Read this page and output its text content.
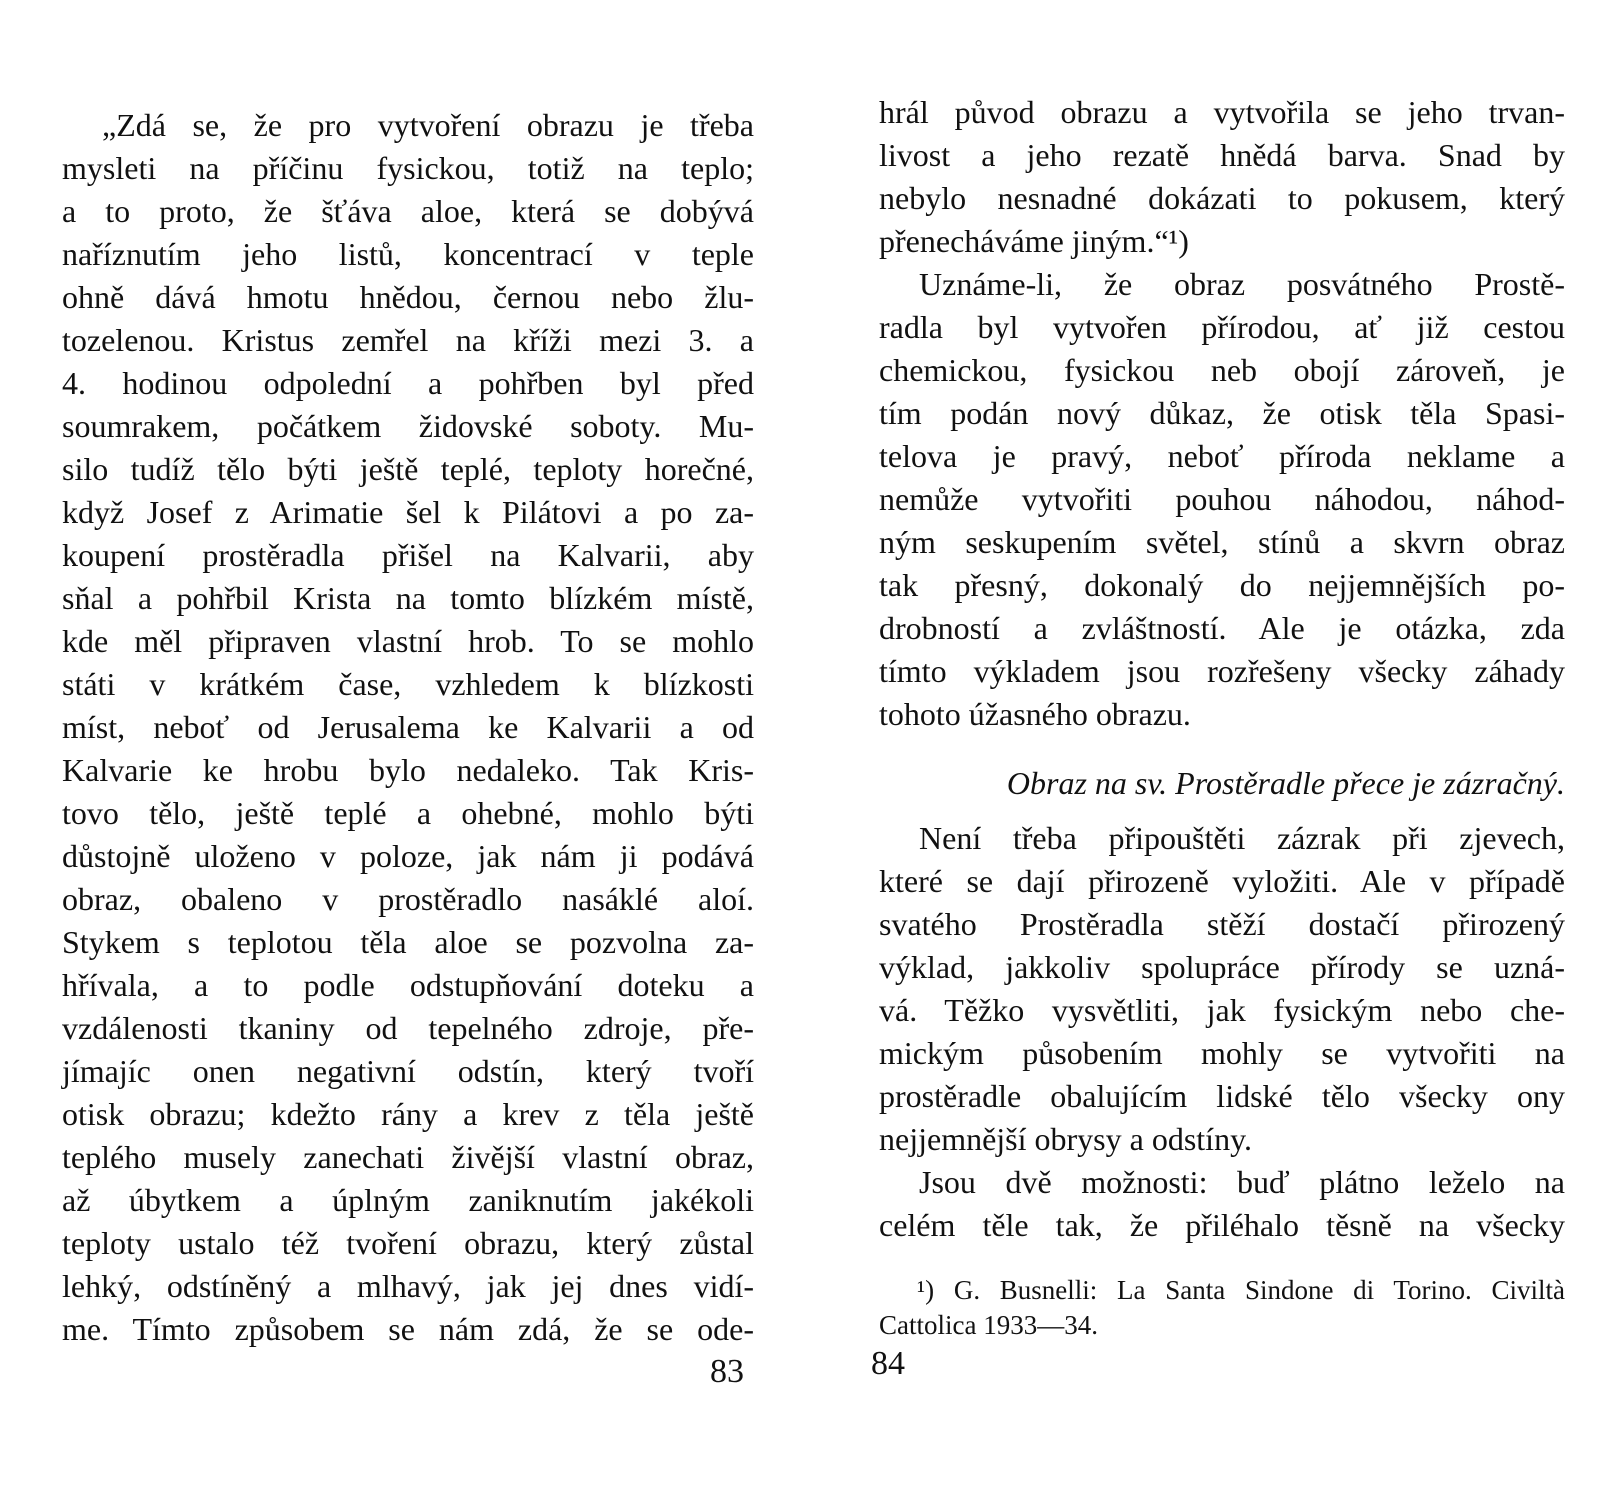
„Zdá se, že pro vytvoření obrazu je třeba
mysleti na příčinu fysickou, totiž na teplo;
a to proto, že šťáva aloe, která se dobývá
naříznutím jeho listů, koncentrací v teple
ohně dává hmotu hnědou, černou nebo žlu-
tozelenou. Kristus zemřel na kříži mezi 3. a
4. hodinou odpolední a pohřben byl před
soumrakem, počátkem židovské soboty. Mu-
silo tudíž tělo býti ještě teplé, teploty horečné,
když Josef z Arimatie šel k Pilátovi a po za-
koupení prostěradla přišel na Kalvarii, aby
sňal a pohřbil Krista na tomto blízkém místě,
kde měl připraven vlastní hrob. To se mohlo
státi v krátkém čase, vzhledem k blízkosti
míst, neboť od Jerusalema ke Kalvarii a od
Kalvarie ke hrobu bylo nedaleko. Tak Kris-
tovo tělo, ještě teplé a ohebné, mohlo býti
důstojně uloženo v poloze, jak nám ji podává
obraz, obaleno v prostěradlo nasáklé aloí.
Stykem s teplotou těla aloe se pozvolna za-
hřívala, a to podle odstupňování doteku a
vzdálenosti tkaniny od tepelného zdroje, pře-
jímajíc onen negativní odstín, který tvoří
otisk obrazu; kdežto rány a krev z těla ještě
teplého musely zanechati živější vlastní obraz,
až úbytkem a úplným zaniknutím jakékoli
teploty ustalo též tvoření obrazu, který zůstal
lehký, odstíněný a mlhavý, jak jej dnes vidí-
me. Tímto způsobem se nám zdá, že se ode-
83
hrál původ obrazu a vytvořila se jeho trvan-
livost a jeho rezatě hnědá barva. Snad by
nebylo nesnadné dokázati to pokusem, který
přenecháváme jiným.“¹)
Uznáme-li, že obraz posvátného Prostě-
radla byl vytvořen přírodou, ať již cestou
chemickou, fysickou neb obojí zároveň, je
tím podán nový důkaz, že otisk těla Spasi-
telova je pravý, neboť příroda neklame a
nemůže vytvořiti pouhou náhodou, náhod-
ným seskupením světel, stínů a skvrn obraz
tak přesný, dokonalý do nejjemnějších po-
drobností a zvláštností. Ale je otázka, zda
tímto výkladem jsou rozřešeny všecky záhady
tohoto úžasného obrazu.
Obraz na sv. Prostěradle přece je zázračný.
Není třeba připouštěti zázrak při zjevech,
které se dají přirozeně vyložiti. Ale v případě
svatého Prostěradla stěží dostačí přirozený
výklad, jakkoliv spolupráce přírody se uzná-
vá. Těžko vysvětliti, jak fysickým nebo che-
mickým působením mohly se vytvořiti na
prostěradle obalujícím lidské tělo všecky ony
nejjemnější obrysy a odstíny.
Jsou dvě možnosti: buď plátno leželo na
celém těle tak, že přiléhalo těsně na všecky
¹) G. Busnelli: La Santa Sindone di Torino. Civiltà
Cattolica 1933—34.
84
